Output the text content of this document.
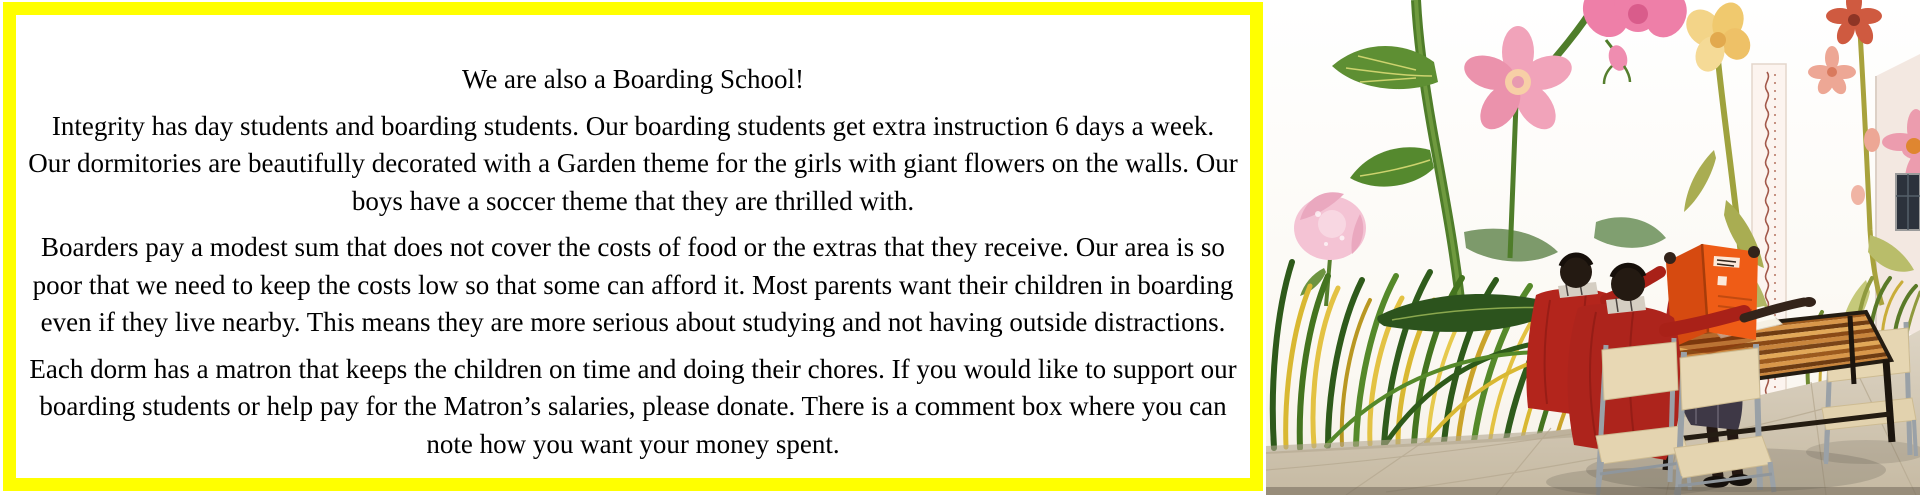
We are also a Boarding School!

Integrity has day students and boarding students. Our boarding students get extra instruction 6 days a week. Our dormitories are beautifully decorated with a Garden theme for the girls with giant flowers on the walls. Our boys have a soccer theme that they are thrilled with.

Boarders pay a modest sum that does not cover the costs of food or the extras that they receive. Our area is so poor that we need to keep the costs low so that some can afford it. Most parents want their children in boarding even if they live nearby. This means they are more serious about studying and not having outside distractions.

Each dorm has a matron that keeps the children on time and doing their chores. If you would like to support our boarding students or help pay for the Matron’s salaries, please donate. There is a comment box where you can note how you want your money spent.
